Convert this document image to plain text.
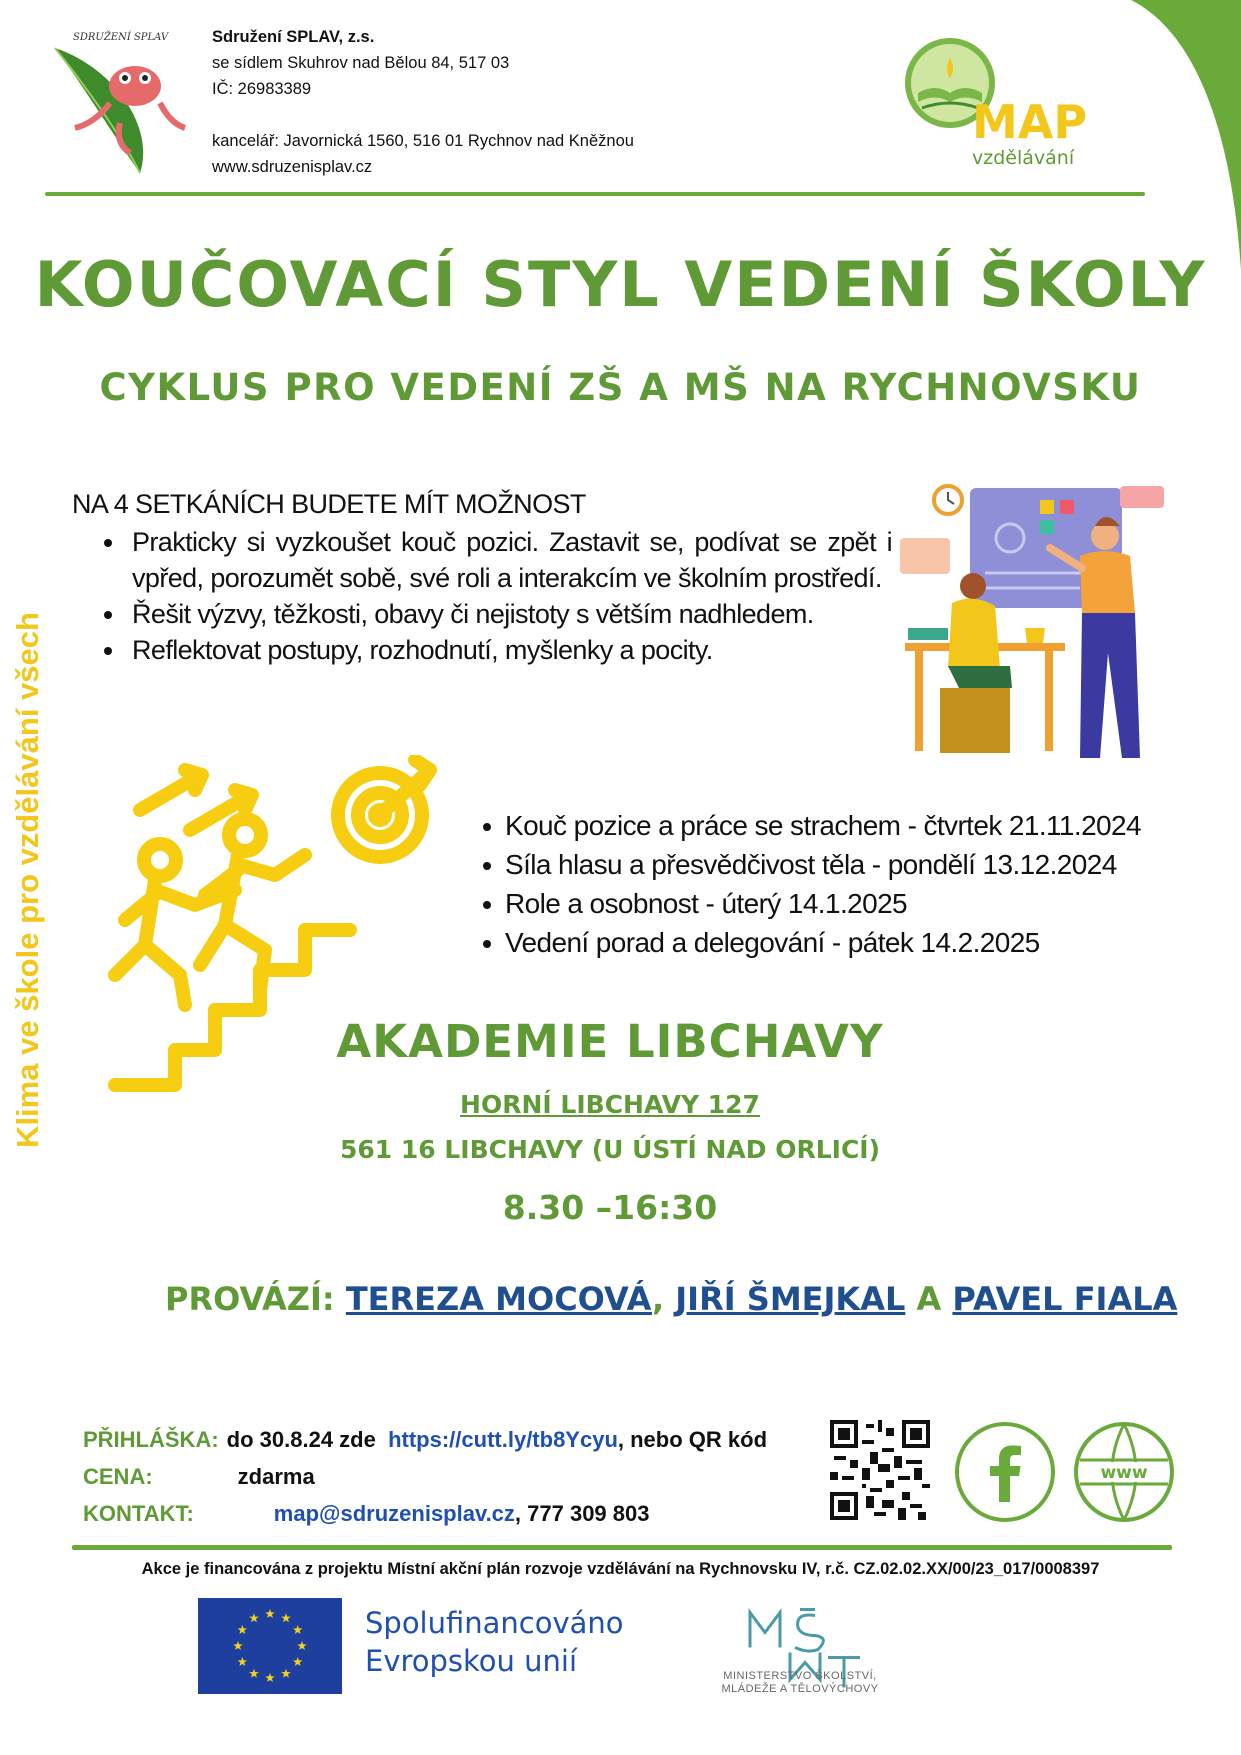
SDRUŽENÍ SPLAV	Sdružení SPLAV, z.s.
se sídlem Skuhrov nad Bělou 84, 517 03
IČ: 26983389
kancelář: Javornická 1560, 516 01 Rychnov nad Kněžnou
www.sdruzenisplav.cz
MAP
vzdělávání
KOUČOVACÍ STYL VEDENÍ ŠKOLY
CYKLUS PRO VEDENÍ ZŠ A MŠ NA RYCHNOVSKU
Klima ve škole pro vzdělávání všech
NA 4 SETKÁNÍCH BUDETE MÍT MOŽNOST
Prakticky si vyzkoušet kouč pozici. Zastavit se, podívat se zpět i vpřed, porozumět sobě, své roli a interakcím ve školním prostředí.
Řešit výzvy, těžkosti, obavy či nejistoty s větším nadhledem.
Reflektovat postupy, rozhodnutí, myšlenky a pocity.
Kouč pozice a práce se strachem - čtvrtek 21.11.2024
Síla hlasu a přesvědčivost těla - pondělí 13.12.2024
Role a osobnost - úterý 14.1.2025
Vedení porad a delegování - pátek 14.2.2025
AKADEMIE LIBCHAVY
HORNÍ LIBCHAVY 127
561 16 LIBCHAVY (U ÚSTÍ NAD ORLICÍ)
8.30 –16:30
PROVÁZÍ: TEREZA MOCOVÁ, JIŘÍ ŠMEJKAL A PAVEL FIALA
PŘIHLÁŠKA: do 30.8.24 zde
https://cutt.ly/tb8Ycyu , nebo QR kód
CENA:	zdarma
KONTAKT:	map@sdruzenisplav.cz , 777 309 803
www
Akce je financována z projektu Místní akční plán rozvoje vzdělávání na Rychnovsku IV, r.č. CZ.02.02.XX/00/23_017/0008397
Spolufinancováno
Evropskou unií	MINISTERSTVO ŠKOLSTVÍ,
MLÁDEŽE A TĚLOVÝCHOVY
